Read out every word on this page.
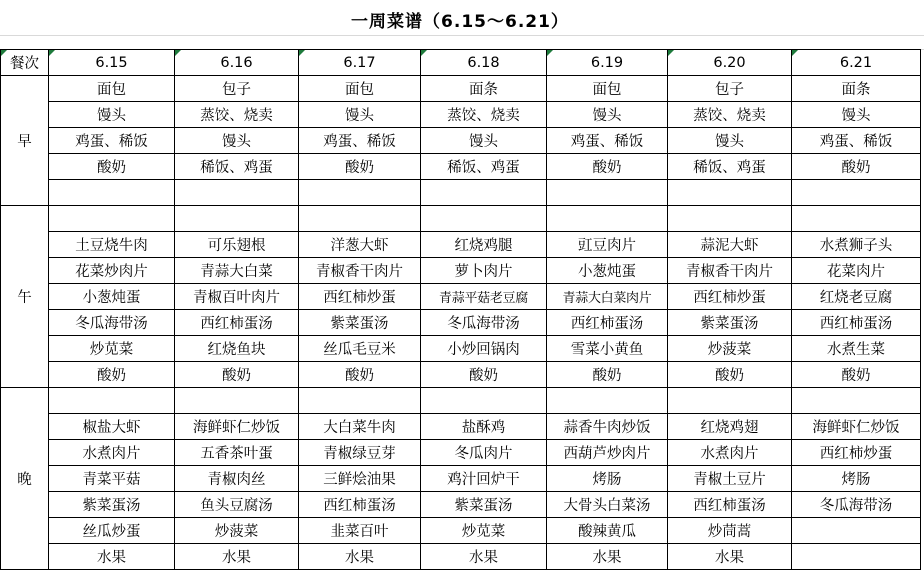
一周菜谱（6.15～6.21）
餐次	6.15	6.16	6.17	6.18	6.19	6.20	6.21
早	面包	包子	面包	面条	面包	包子	面条
	馒头	蒸饺、烧卖	馒头	蒸饺、烧卖	馒头	蒸饺、烧卖	馒头
	鸡蛋、稀饭	馒头	鸡蛋、稀饭	馒头	鸡蛋、稀饭	馒头	鸡蛋、稀饭
	酸奶	稀饭、鸡蛋	酸奶	稀饭、鸡蛋	酸奶	稀饭、鸡蛋	酸奶

午							
	土豆烧牛肉	可乐翅根	洋葱大虾	红烧鸡腿	豇豆肉片	蒜泥大虾	水煮狮子头
	花菜炒肉片	青蒜大白菜	青椒香干肉片	萝卜肉片	小葱炖蛋	青椒香干肉片	花菜肉片
	小葱炖蛋	青椒百叶肉片	西红柿炒蛋	青蒜平菇老豆腐	青蒜大白菜肉片	西红柿炒蛋	红烧老豆腐
	冬瓜海带汤	西红柿蛋汤	紫菜蛋汤	冬瓜海带汤	西红柿蛋汤	紫菜蛋汤	西红柿蛋汤
	炒苋菜	红烧鱼块	丝瓜毛豆米	小炒回锅肉	雪菜小黄鱼	炒菠菜	水煮生菜
	酸奶	酸奶	酸奶	酸奶	酸奶	酸奶	酸奶
晚							
	椒盐大虾	海鲜虾仁炒饭	大白菜牛肉	盐酥鸡	蒜香牛肉炒饭	红烧鸡翅	海鲜虾仁炒饭
	水煮肉片	五香茶叶蛋	青椒绿豆芽	冬瓜肉片	西葫芦炒肉片	水煮肉片	西红柿炒蛋
	青菜平菇	青椒肉丝	三鲜烩油果	鸡汁回炉干	烤肠	青椒土豆片	烤肠
	紫菜蛋汤	鱼头豆腐汤	西红柿蛋汤	紫菜蛋汤	大骨头白菜汤	西红柿蛋汤	冬瓜海带汤
	丝瓜炒蛋	炒菠菜	韭菜百叶	炒苋菜	酸辣黄瓜	炒茼蒿	
	水果	水果	水果	水果	水果	水果	
